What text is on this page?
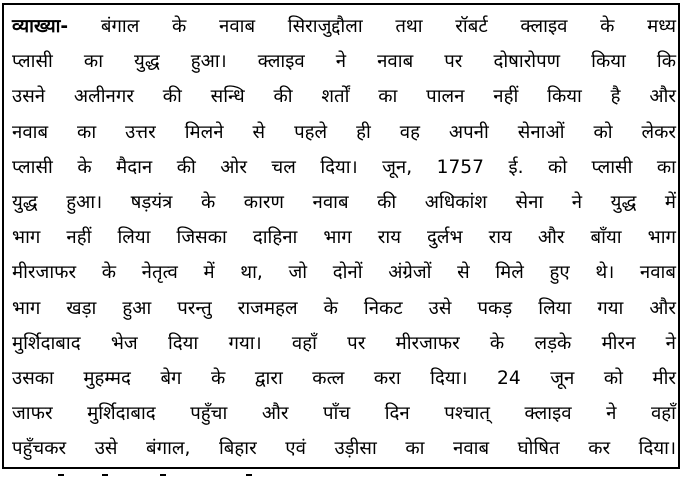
व्याख्या- बंगाल के नवाब सिराजुद्दौला तथा रॉबर्ट क्लाइव के मध्य
प्लासी का युद्ध हुआ। क्लाइव ने नवाब पर दोषारोपण किया कि
उसने अलीनगर की सन्धि की शर्तों का पालन नहीं किया है और
नवाब का उत्तर मिलने से पहले ही वह अपनी सेनाओं को लेकर
प्लासी के मैदान की ओर चल दिया। जून, 1757 ई. को प्लासी का
युद्ध हुआ। षड़यंत्र के कारण नवाब की अधिकांश सेना ने युद्ध में
भाग नहीं लिया जिसका दाहिना भाग राय दुर्लभ राय और बाँया भाग
मीरजाफर के नेतृत्व में था, जो दोनों अंग्रेजों से मिले हुए थे। नवाब
भाग खड़ा हुआ परन्तु राजमहल के निकट उसे पकड़ लिया गया और
मुर्शिदाबाद भेज दिया गया। वहाँ पर मीरजाफर के लड़के मीरन ने
उसका मुहम्मद बेग के द्वारा कत्ल करा दिया। 24 जून को मीर
जाफर मुर्शिदाबाद पहुँचा और पाँच दिन पश्चात् क्लाइव ने वहाँ
पहुँचकर उसे बंगाल, बिहार एवं उड़ीसा का नवाब घोषित कर दिया।
